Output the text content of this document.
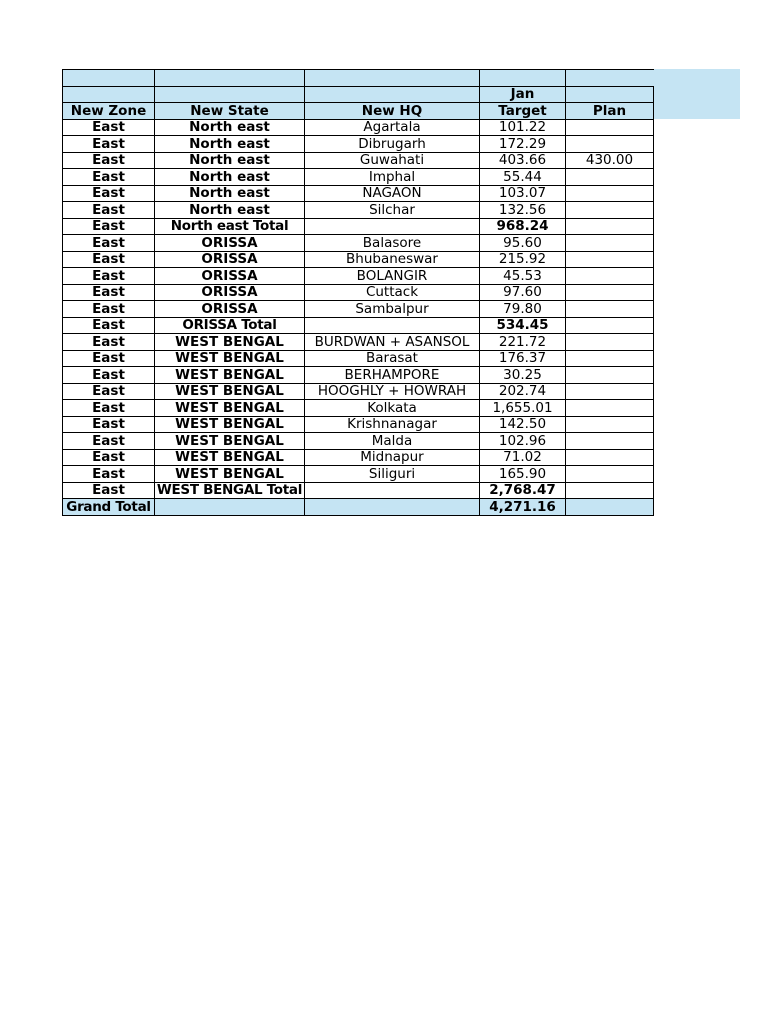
			Jan	
New Zone	New State	New HQ	Target	Plan
East	North east	Agartala	101.22	
East	North east	Dibrugarh	172.29	
East	North east	Guwahati	403.66	430.00
East	North east	Imphal	55.44	
East	North east	NAGAON	103.07	
East	North east	Silchar	132.56	
East	North east Total		968.24	
East	ORISSA	Balasore	95.60	
East	ORISSA	Bhubaneswar	215.92	
East	ORISSA	BOLANGIR	45.53	
East	ORISSA	Cuttack	97.60	
East	ORISSA	Sambalpur	79.80	
East	ORISSA Total		534.45	
East	WEST BENGAL	BURDWAN + ASANSOL	221.72	
East	WEST BENGAL	Barasat	176.37	
East	WEST BENGAL	BERHAMPORE	30.25	
East	WEST BENGAL	HOOGHLY + HOWRAH	202.74	
East	WEST BENGAL	Kolkata	1,655.01	
East	WEST BENGAL	Krishnanagar	142.50	
East	WEST BENGAL	Malda	102.96	
East	WEST BENGAL	Midnapur	71.02	
East	WEST BENGAL	Siliguri	165.90	
East	WEST BENGAL Total		2,768.47	
Grand Total			4,271.16	
